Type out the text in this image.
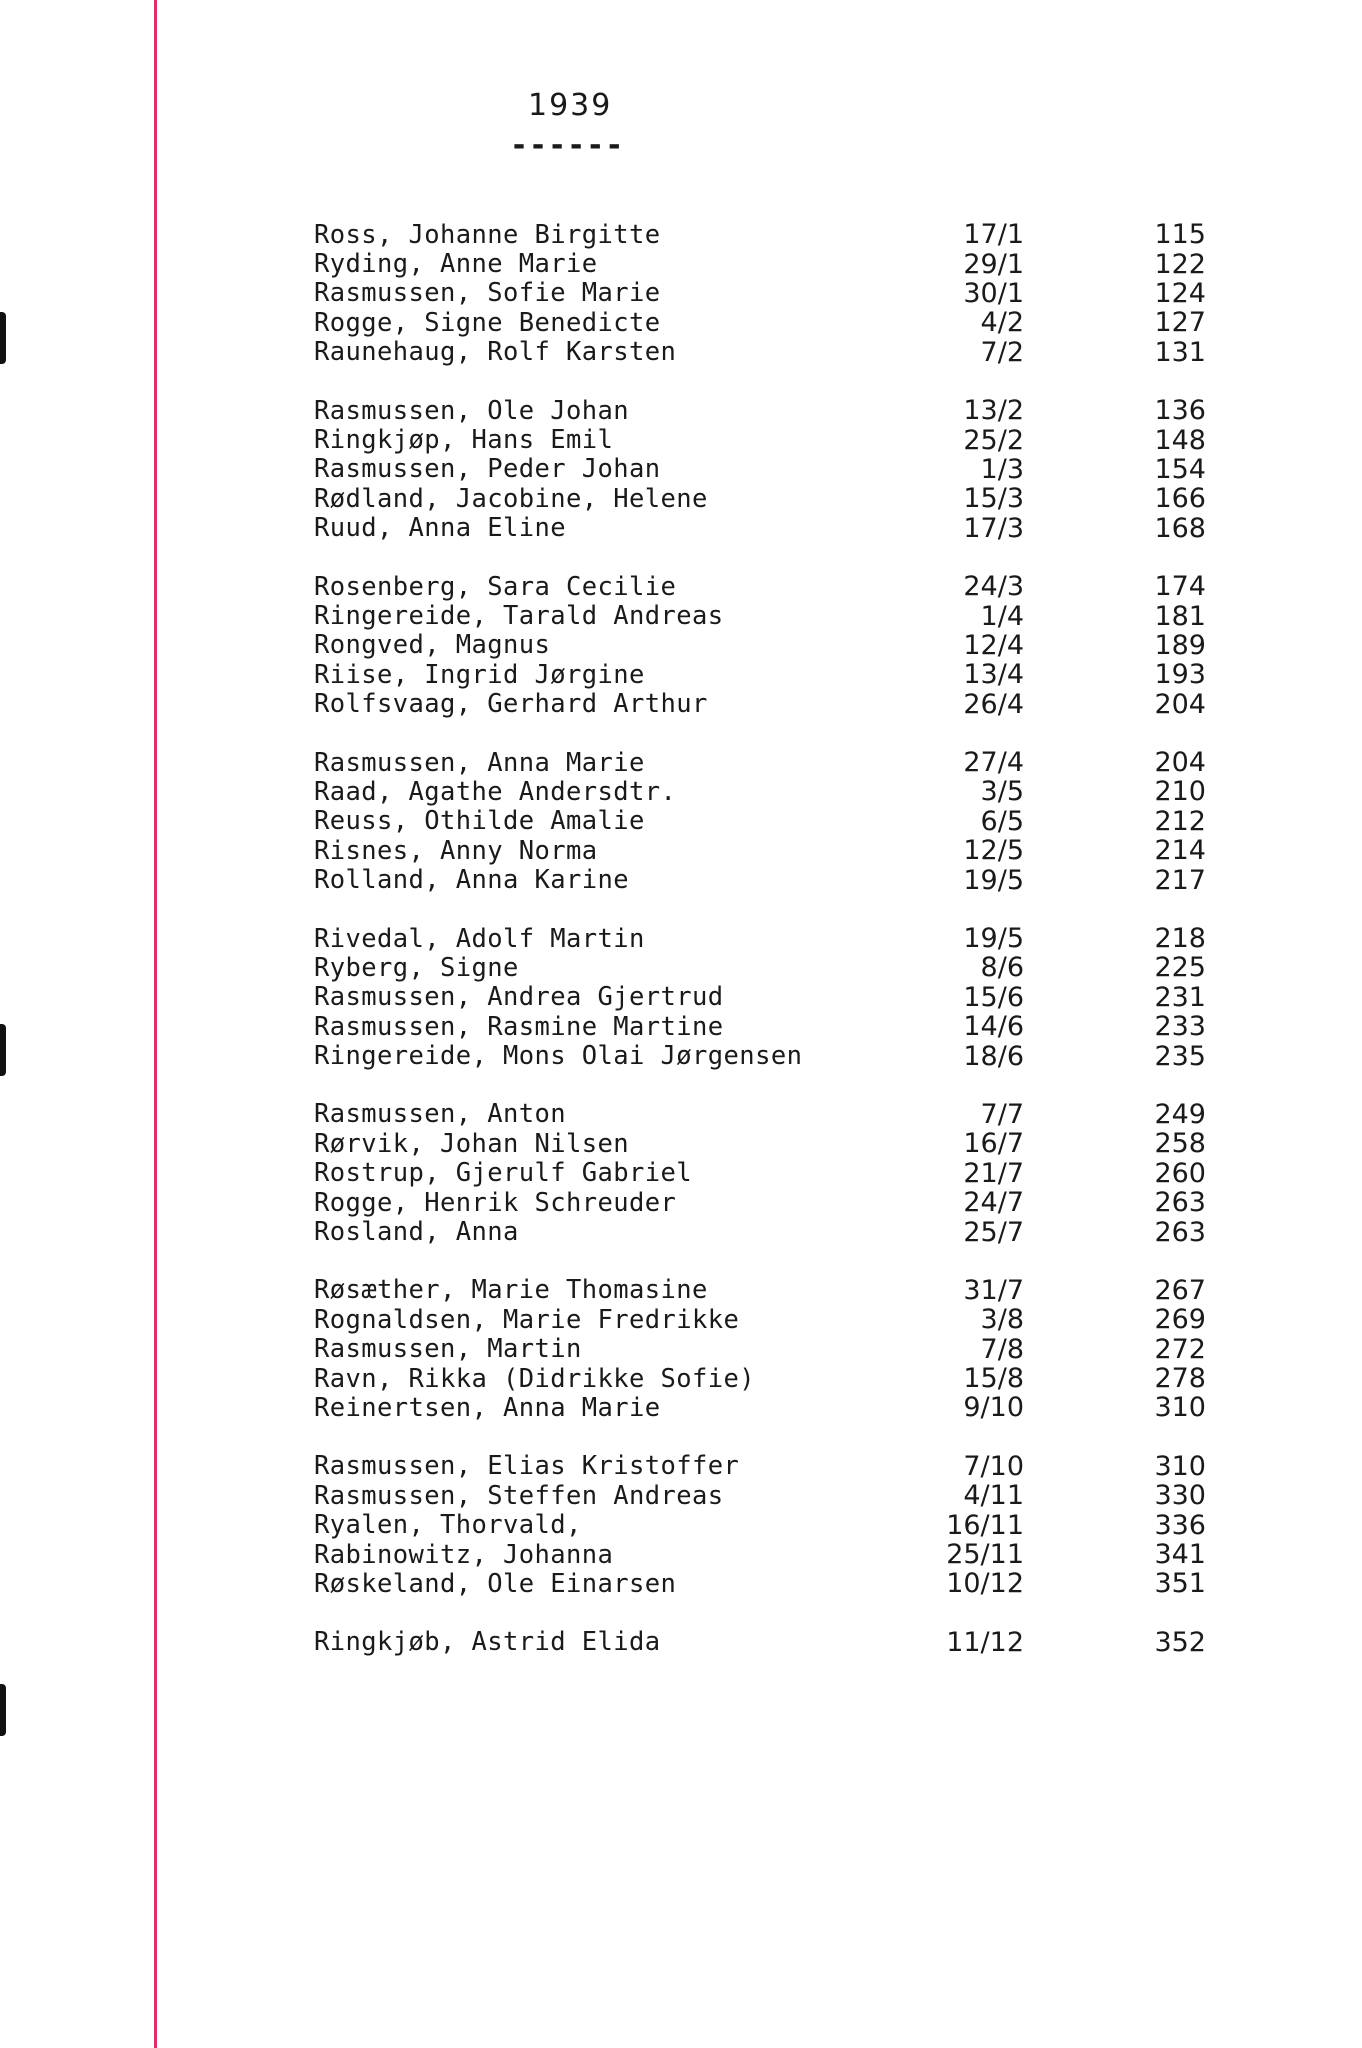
1939
------
Ross, Johanne Birgitte	17/1	115
Ryding, Anne Marie	29/1	122
Rasmussen, Sofie Marie	30/1	124
Rogge, Signe Benedicte	4/2	127
Raunehaug, Rolf Karsten	7/2	131
Rasmussen, Ole Johan	13/2	136
Ringkjøp, Hans Emil	25/2	148
Rasmussen, Peder Johan	1/3	154
Rødland, Jacobine, Helene	15/3	166
Ruud, Anna Eline	17/3	168
Rosenberg, Sara Cecilie	24/3	174
Ringereide, Tarald Andreas	1/4	181
Rongved, Magnus	12/4	189
Riise, Ingrid Jørgine	13/4	193
Rolfsvaag, Gerhard Arthur	26/4	204
Rasmussen, Anna Marie	27/4	204
Raad, Agathe Andersdtr.	3/5	210
Reuss, Othilde Amalie	6/5	212
Risnes, Anny Norma	12/5	214
Rolland, Anna Karine	19/5	217
Rivedal, Adolf Martin	19/5	218
Ryberg, Signe	8/6	225
Rasmussen, Andrea Gjertrud	15/6	231
Rasmussen, Rasmine Martine	14/6	233
Ringereide, Mons Olai Jørgensen	18/6	235
Rasmussen, Anton	7/7	249
Rørvik, Johan Nilsen	16/7	258
Rostrup, Gjerulf Gabriel	21/7	260
Rogge, Henrik Schreuder	24/7	263
Rosland, Anna	25/7	263
Røsæther, Marie Thomasine	31/7	267
Rognaldsen, Marie Fredrikke	3/8	269
Rasmussen, Martin	7/8	272
Ravn, Rikka (Didrikke Sofie)	15/8	278
Reinertsen, Anna Marie	9/10	310
Rasmussen, Elias Kristoffer	7/10	310
Rasmussen, Steffen Andreas	4/11	330
Ryalen, Thorvald,	16/11	336
Rabinowitz, Johanna	25/11	341
Røskeland, Ole Einarsen	10/12	351
Ringkjøb, Astrid Elida	11/12	352
